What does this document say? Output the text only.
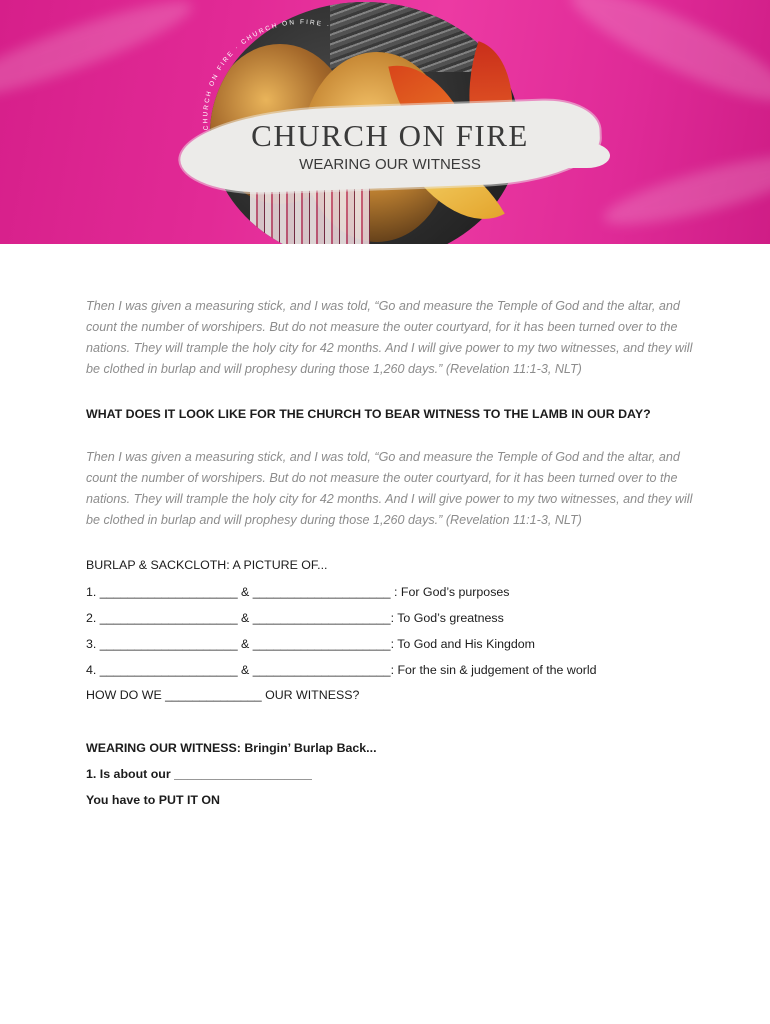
CHURCH ON FIRE · CHURCH ON FIRE ·
CHURCH ON FIRE
WEARING OUR WITNESS

Then I was given a measuring stick, and I was told, “Go and measure the Temple of God and the altar, and count the number of worshipers. But do not measure the outer courtyard, for it has been turned over to the nations. They will trample the holy city for 42 months. And I will give power to my two witnesses, and they will be clothed in burlap and will prophesy during those 1,260 days.” (Revelation 11:1-3, NLT)

WHAT DOES IT LOOK LIKE FOR THE CHURCH TO BEAR WITNESS TO THE LAMB IN OUR DAY?

Then I was given a measuring stick, and I was told, “Go and measure the Temple of God and the altar, and count the number of worshipers. But do not measure the outer courtyard, for it has been turned over to the nations. They will trample the holy city for 42 months. And I will give power to my two witnesses, and they will be clothed in burlap and will prophesy during those 1,260 days.” (Revelation 11:1-3, NLT)

BURLAP & SACKCLOTH: A PICTURE OF...

1. ____________________ & ____________________ : For God’s purposes

2. ____________________ & ____________________: To God’s greatness

3. ____________________ & ____________________: To God and His Kingdom

4. ____________________ & ____________________: For the sin & judgement of the world

HOW DO WE ______________ OUR WITNESS?

WEARING OUR WITNESS: Bringin’ Burlap Back...

1. Is about our ____________________

You have to PUT IT ON
